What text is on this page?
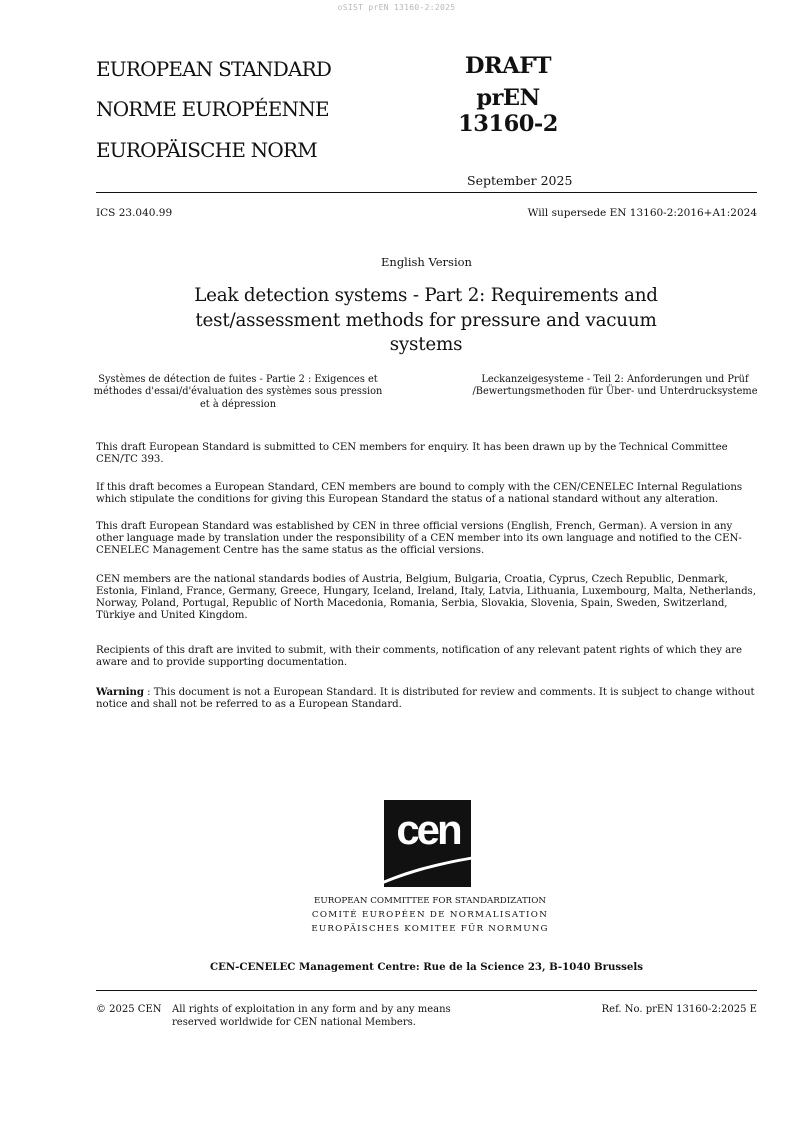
oSIST prEN 13160-2:2025
EUROPEAN STANDARD
NORME EUROPÉENNE
EUROPÄISCHE NORM
DRAFT
prEN 13160-2
September 2025
ICS 23.040.99	Will supersede EN 13160-2:2016+A1:2024
English Version
Leak detection systems - Part 2: Requirements and test/assessment methods for pressure and vacuum systems
Systèmes de détection de fuites - Partie 2 : Exigences et méthodes d'essai/d'évaluation des systèmes sous pression et à dépression
Leckanzeigesysteme - Teil 2: Anforderungen und Prüf /Bewertungsmethoden für Über- und Unterdrucksysteme
This draft European Standard is submitted to CEN members for enquiry. It has been drawn up by the Technical Committee CEN/TC 393.
If this draft becomes a European Standard, CEN members are bound to comply with the CEN/CENELEC Internal Regulations which stipulate the conditions for giving this European Standard the status of a national standard without any alteration.
This draft European Standard was established by CEN in three official versions (English, French, German). A version in any other language made by translation under the responsibility of a CEN member into its own language and notified to the CEN-CENELEC Management Centre has the same status as the official versions.
CEN members are the national standards bodies of Austria, Belgium, Bulgaria, Croatia, Cyprus, Czech Republic, Denmark, Estonia, Finland, France, Germany, Greece, Hungary, Iceland, Ireland, Italy, Latvia, Lithuania, Luxembourg, Malta, Netherlands, Norway, Poland, Portugal, Republic of North Macedonia, Romania, Serbia, Slovakia, Slovenia, Spain, Sweden, Switzerland, Türkiye and United Kingdom.
Recipients of this draft are invited to submit, with their comments, notification of any relevant patent rights of which they are aware and to provide supporting documentation.
Warning : This document is not a European Standard. It is distributed for review and comments. It is subject to change without notice and shall not be referred to as a European Standard.
cen
EUROPEAN COMMITTEE FOR STANDARDIZATION
COMITÉ EUROPÉEN DE NORMALISATION
EUROPÄISCHES KOMITEE FÜR NORMUNG
CEN-CENELEC Management Centre: Rue de la Science 23, B-1040 Brussels
© 2025 CEN All rights of exploitation in any form and by any means reserved worldwide for CEN national Members.
Ref. No. prEN 13160-2:2025 E
